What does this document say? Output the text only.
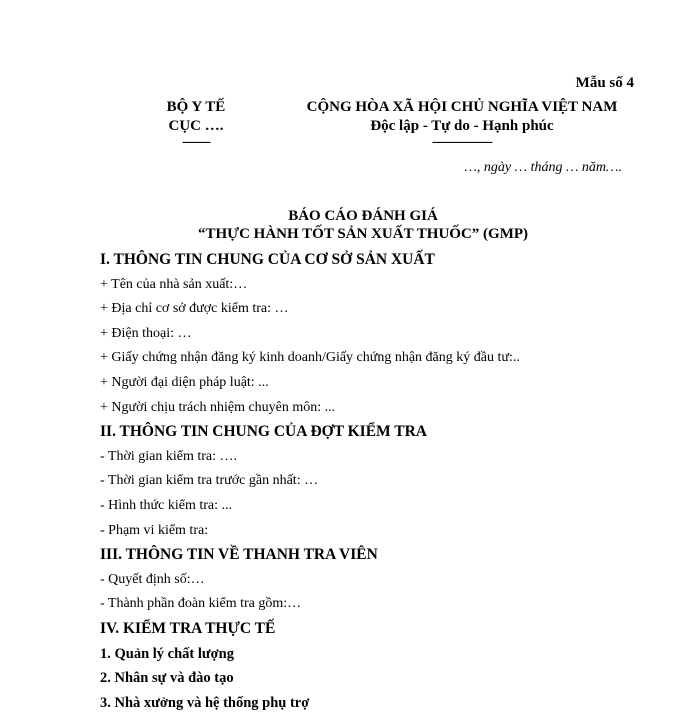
Mẫu số 4
BỘ Y TẾ
CỤC ….
-------
CỘNG HÒA XÃ HỘI CHỦ NGHĨA VIỆT NAM
Độc lập - Tự do - Hạnh phúc
---------------
…, ngày … tháng … năm….
BÁO CÁO ĐÁNH GIÁ
“THỰC HÀNH TỐT SẢN XUẤT THUỐC” (GMP)
I. THÔNG TIN CHUNG CỦA CƠ SỞ SẢN XUẤT
+ Tên của nhà sản xuất:…
+ Địa chỉ cơ sở được kiểm tra: …
+ Điện thoại: …
+ Giấy chứng nhận đăng ký kinh doanh/Giấy chứng nhận đăng ký đầu tư:..
+ Người đại diện pháp luật: ...
+ Người chịu trách nhiệm chuyên môn: ...
II. THÔNG TIN CHUNG CỦA ĐỢT KIỂM TRA
- Thời gian kiểm tra: ….
- Thời gian kiểm tra trước gần nhất: …
- Hình thức kiểm tra: ...
- Phạm vi kiểm tra:
III. THÔNG TIN VỀ THANH TRA VIÊN
- Quyết định số:…
- Thành phần đoàn kiểm tra gồm:…
IV. KIỂM TRA THỰC TẾ
1. Quản lý chất lượng
2. Nhân sự và đào tạo
3. Nhà xưởng và hệ thống phụ trợ
